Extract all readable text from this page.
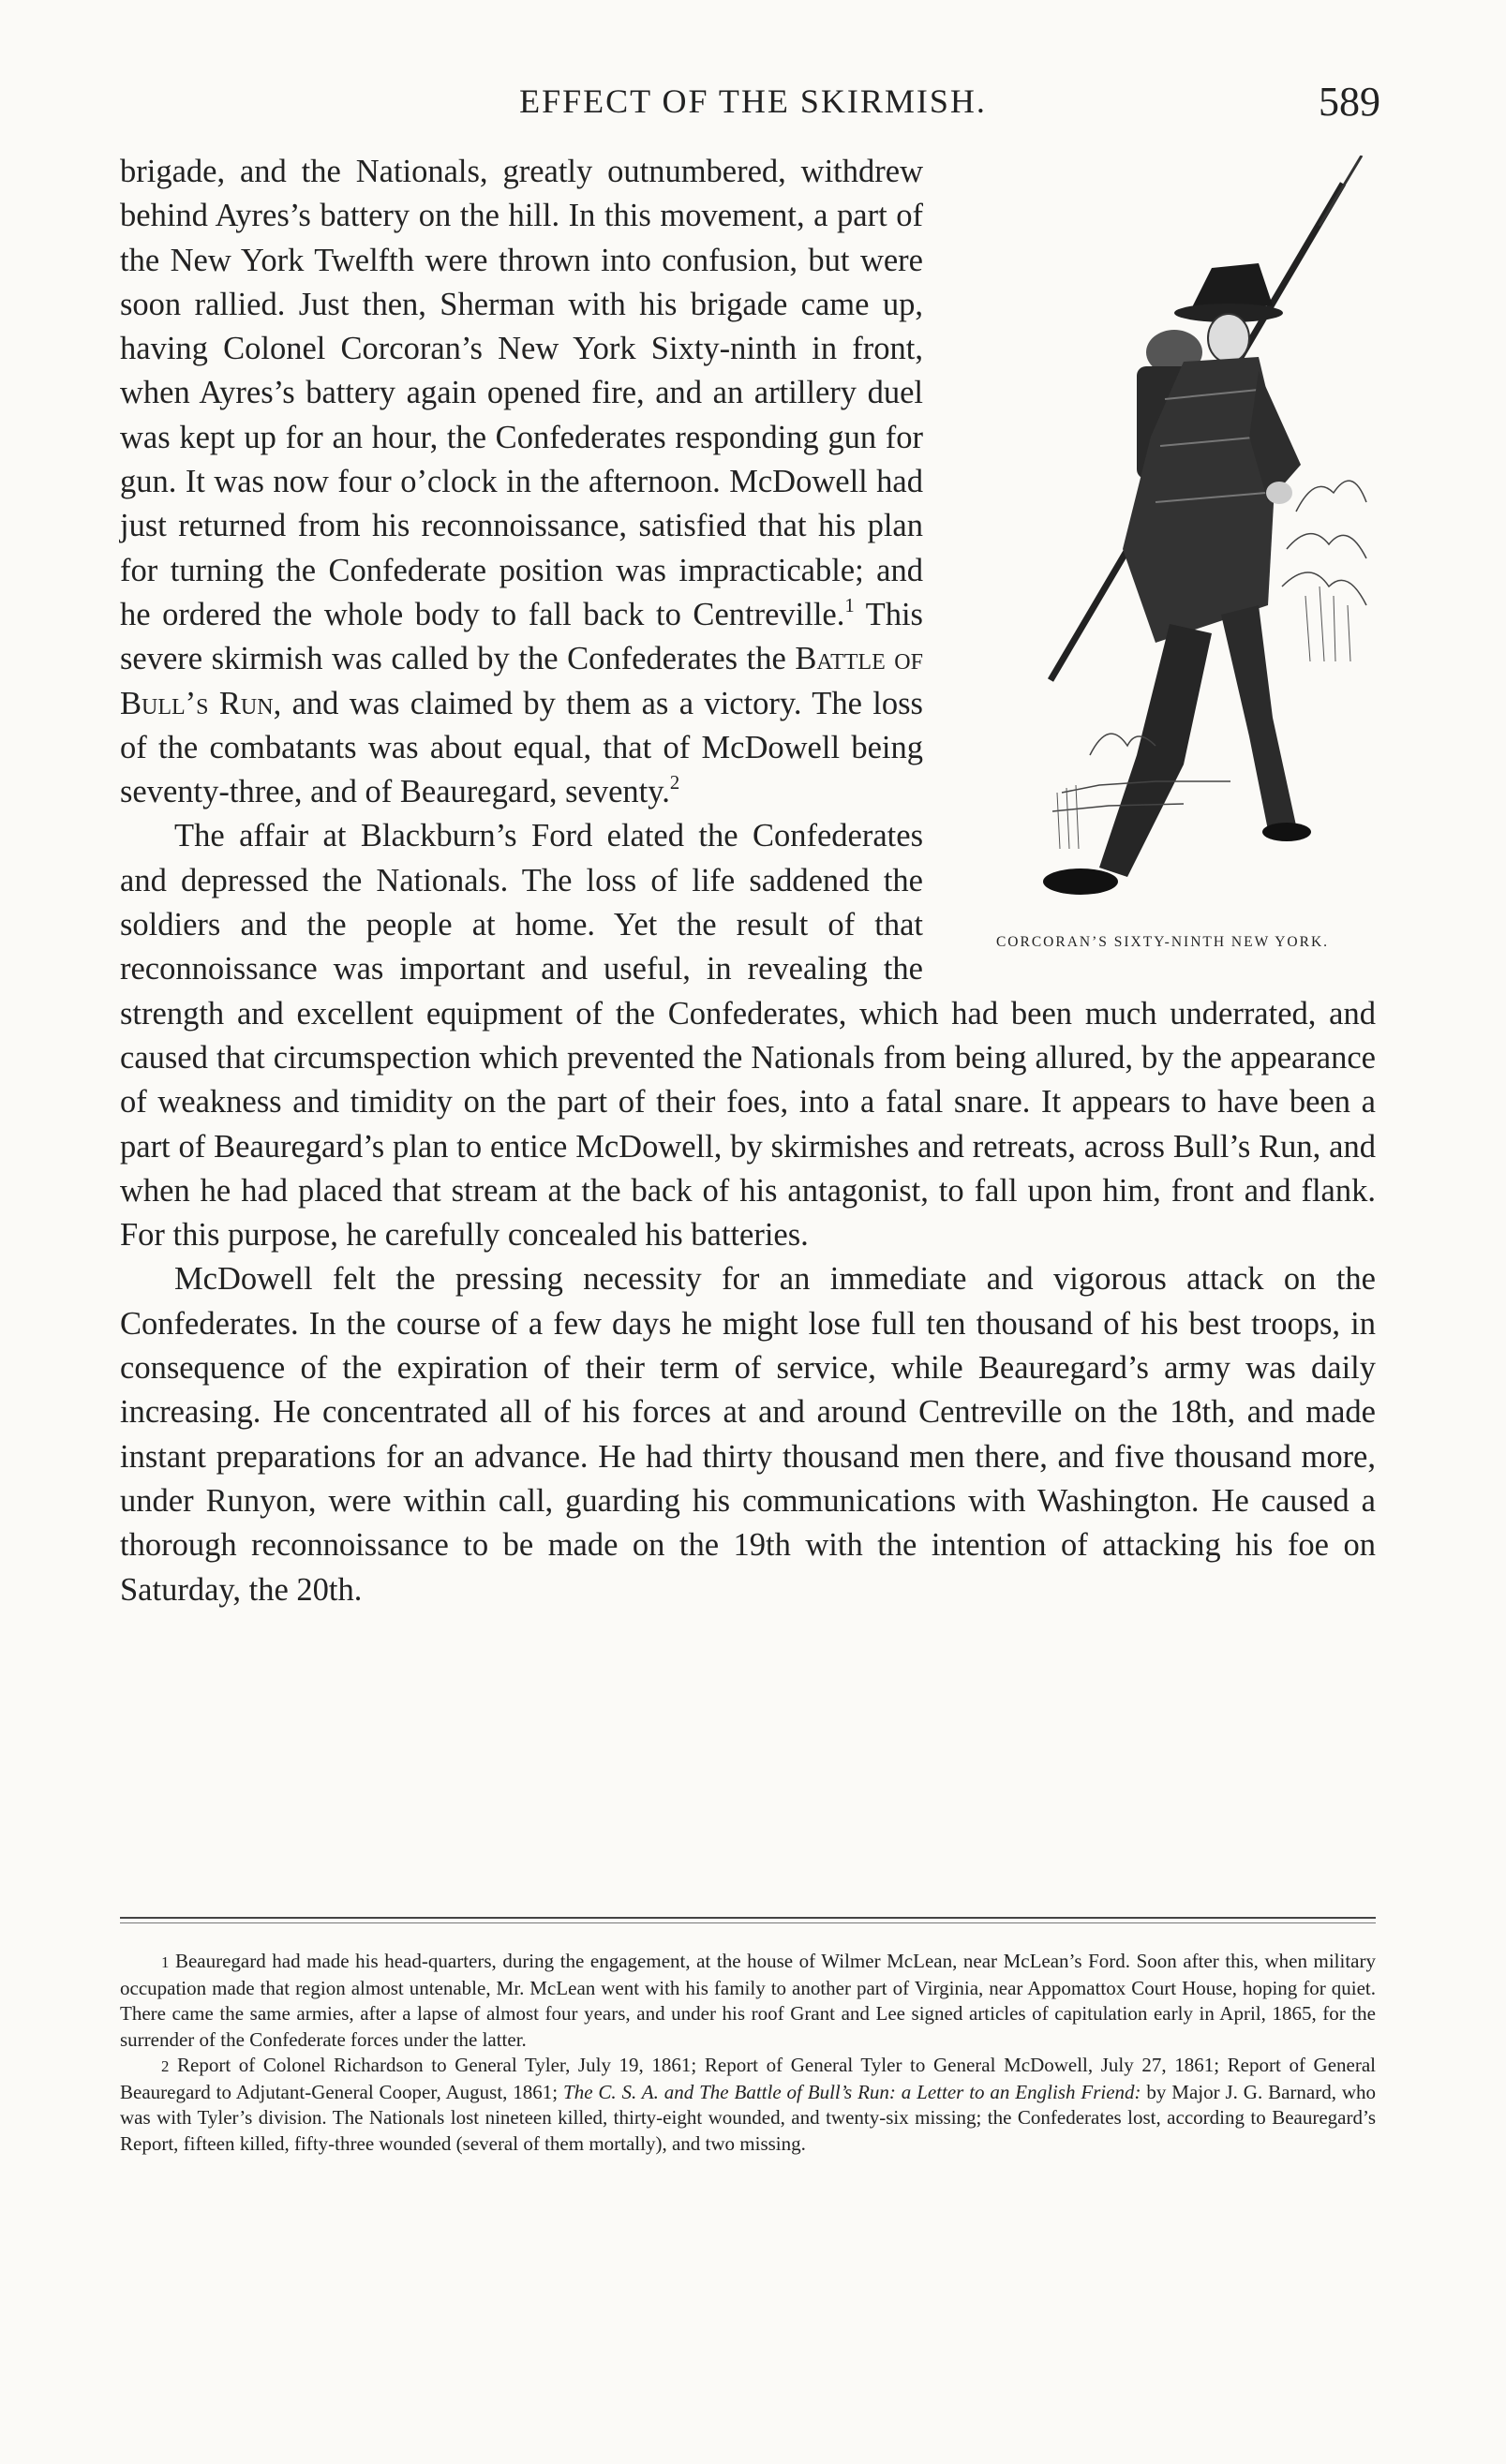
EFFECT OF THE SKIRMISH.	589
CORCORAN’S SIXTY-NINTH NEW YORK.

brigade, and the Nationals, greatly outnumbered, withdrew behind Ayres’s battery on the hill. In this movement, a part of the New York Twelfth were thrown into confusion, but were soon rallied. Just then, Sherman with his brigade came up, having Colonel Corcoran’s New York Sixty-ninth in front, when Ayres’s battery again opened fire, and an artillery duel was kept up for an hour, the Confederates responding gun for gun. It was now four o’clock in the afternoon. McDowell had just returned from his reconnoissance, satisfied that his plan for turning the Confederate position was impracticable; and he ordered the whole body to fall back to Centreville.$^1$ This severe skirmish was called by the Confederates the Battle of Bull’s Run, and was claimed by them as a victory. The loss of the combatants was about equal, that of McDowell being seventy-three, and of Beauregard, seventy.$^2$

The affair at Blackburn’s Ford elated the Confederates and depressed the Nationals. The loss of life saddened the soldiers and the people at home. Yet the result of that reconnoissance was important and useful, in revealing the strength and excellent equipment of the Confederates, which had been much underrated, and caused that circumspection which prevented the Nationals from being allured, by the appearance of weakness and timidity on the part of their foes, into a fatal snare. It appears to have been a part of Beauregard’s plan to entice McDowell, by skirmishes and retreats, across Bull’s Run, and when he had placed that stream at the back of his antagonist, to fall upon him, front and flank. For this purpose, he carefully concealed his batteries.

McDowell felt the pressing necessity for an immediate and vigorous attack on the Confederates. In the course of a few days he might lose full ten thousand of his best troops, in consequence of the expiration of their term of service, while Beauregard’s army was daily increasing. He concentrated all of his forces at and around Centreville on the 18th, and made instant preparations for an advance. He had thirty thousand men there, and five thousand more, under Runyon, were within call, guarding his communications with Washington. He caused a thorough reconnoissance to be made on the 19th with the intention of attacking his foe on Saturday, the 20th.

1 Beauregard had made his head-quarters, during the engagement, at the house of Wilmer McLean, near McLean’s Ford. Soon after this, when military occupation made that region almost untenable, Mr. McLean went with his family to another part of Virginia, near Appomattox Court House, hoping for quiet. There came the same armies, after a lapse of almost four years, and under his roof Grant and Lee signed articles of capitulation early in April, 1865, for the surrender of the Confederate forces under the latter.

2 Report of Colonel Richardson to General Tyler, July 19, 1861; Report of General Tyler to General McDowell, July 27, 1861; Report of General Beauregard to Adjutant-General Cooper, August, 1861; The C. S. A. and The Battle of Bull’s Run: a Letter to an English Friend: by Major J. G. Barnard, who was with Tyler’s division. The Nationals lost nineteen killed, thirty-eight wounded, and twenty-six missing; the Confederates lost, according to Beauregard’s Report, fifteen killed, fifty-three wounded (several of them mortally), and two missing.
